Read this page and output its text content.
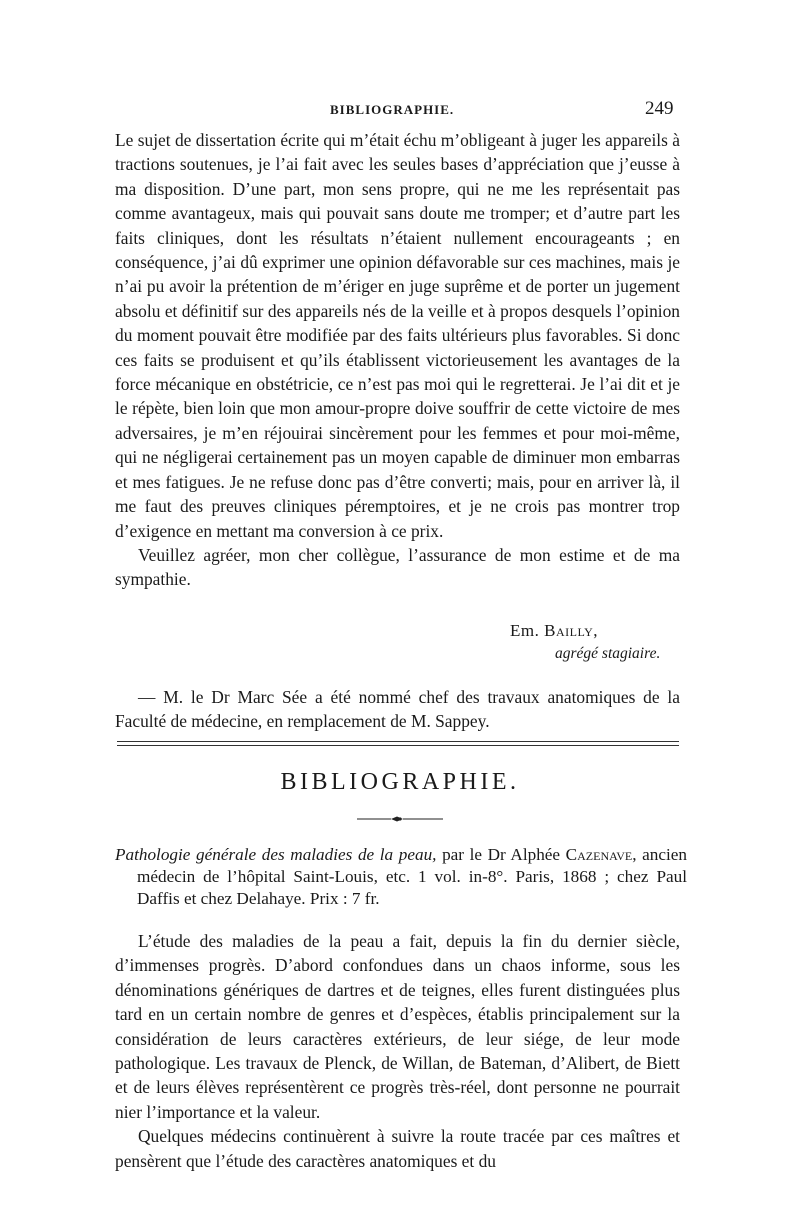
BIBLIOGRAPHIE.	249

Le sujet de dissertation écrite qui m’était échu m’obligeant à juger les appareils à tractions soutenues, je l’ai fait avec les seules bases d’appréciation que j’eusse à ma disposition. D’une part, mon sens propre, qui ne me les représentait pas comme avantageux, mais qui pouvait sans doute me tromper; et d’autre part les faits cliniques, dont les résultats n’étaient nullement encourageants ; en conséquence, j’ai dû exprimer une opinion défavorable sur ces machines, mais je n’ai pu avoir la prétention de m’ériger en juge suprême et de porter un jugement absolu et définitif sur des appareils nés de la veille et à propos desquels l’opinion du moment pouvait être modifiée par des faits ultérieurs plus favorables. Si donc ces faits se produisent et qu’ils établissent victorieusement les avantages de la force mécanique en obstétricie, ce n’est pas moi qui le regretterai. Je l’ai dit et je le répète, bien loin que mon amour-propre doive souffrir de cette victoire de mes adversaires, je m’en réjouirai sincèrement pour les femmes et pour moi-même, qui ne négligerai certainement pas un moyen capable de diminuer mon embarras et mes fatigues. Je ne refuse donc pas d’être converti; mais, pour en arriver là, il me faut des preuves cliniques péremptoires, et je ne crois pas montrer trop d’exigence en mettant ma conversion à ce prix.

Veuillez agréer, mon cher collègue, l’assurance de mon estime et de ma sympathie.

Em. Bailly,
agrégé stagiaire.

— M. le Dr Marc Sée a été nommé chef des travaux anatomiques de la Faculté de médecine, en remplacement de M. Sappey.

BIBLIOGRAPHIE.

Pathologie générale des maladies de la peau, par le Dr Alphée Cazenave, ancien médecin de l’hôpital Saint-Louis, etc. 1 vol. in-8°. Paris, 1868 ; chez Paul Daffis et chez Delahaye. Prix : 7 fr.

L’étude des maladies de la peau a fait, depuis la fin du dernier siècle, d’immenses progrès. D’abord confondues dans un chaos informe, sous les dénominations génériques de dartres et de teignes, elles furent distinguées plus tard en un certain nombre de genres et d’espèces, établis principalement sur la considération de leurs caractères extérieurs, de leur siége, de leur mode pathologique. Les travaux de Plenck, de Willan, de Bateman, d’Alibert, de Biett et de leurs élèves représentèrent ce progrès très-réel, dont personne ne pourrait nier l’importance et la valeur.

Quelques médecins continuèrent à suivre la route tracée par ces maîtres et pensèrent que l’étude des caractères anatomiques et du
